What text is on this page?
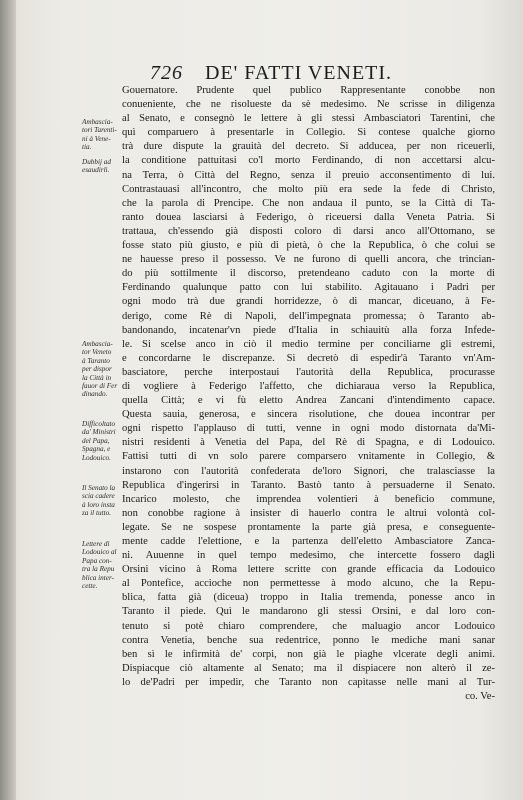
726 DE' FATTI VENETI.
Ambascia-
tori Tarenti-
ni à Vene-
tia.
Dubbij ad
esaudirli.
Ambascia-
tor Veneto
à Taranto
per dispor
la Città in
fauor di Fer
dinando.
Difficoltato
da' Ministri
del Papa,
Spagna, e
Lodouico.
Il Senato la
scia cadere
à loro insta
za il tutto.
Lettere di
Lodouico al
Papa con-
tra la Repu
blica inter-
cette.

Gouernatore. Prudente quel publico Rappresentante conobbe non

conueniente, che ne risolueste da sè medesimo. Ne scrisse in diligenza

al Senato, e consegnò le lettere à gli stessi Ambasciatori Tarentini, che

quì comparuero à presentarle in Collegio. Si contese qualche giorno

trà dure dispute la grauità del decreto. Si adducea, per non riceuerli,

la conditione pattuitasi co'l morto Ferdinando, di non accettarsi alcu-

na Terra, ò Città del Regno, senza il preuio acconsentimento di lui.

Contrastauasi all'incontro, che molto più era sede la fede di Christo,

che la parola di Prencipe. Che non andaua il punto, se la Città di Ta-

ranto douea lasciarsi à Federigo, ò riceuersi dalla Veneta Patria. Si

trattaua, ch'essendo già disposti coloro di darsi anco all'Ottomano, se

fosse stato più giusto, e più di pietà, ò che la Republica, ò che colui se

ne hauesse preso il possesso. Ve ne furono di quelli ancora, che trincian-

do più sottilmente il discorso, pretendeano caduto con la morte di

Ferdinando qualunque patto con lui stabilito. Agitauano i Padri per

ogni modo trà due grandi horridezze, ò di mancar, diceuano, à Fe-

derigo, come Rè di Napoli, dell'impegnata promessa; ò Taranto ab-

bandonando, incatenar'vn piede d'Italia in schiauitù alla forza Infede-

le. Si scelse anco in ciò il medio termine per conciliarne gli estremi,

e concordarne le discrepanze. Si decretò di espedir'à Taranto vn'Am-

basciatore, perche interpostaui l'autorità della Republica, procurasse

di vogliere à Federigo l'affetto, che dichiaraua verso la Republica,

quella Città; e vi fù eletto Andrea Zancani d'intendimento capace.

Questa sauia, generosa, e sincera risolutione, che douea incontrar per

ogni rispetto l'applauso di tutti, venne in ogni modo distornata da'Mi-

nistri residenti à Venetia del Papa, del Rè di Spagna, e di Lodouico.

Fattisi tutti di vn solo parere comparsero vnitamente in Collegio, &

instarono con l'autorità confederata de'loro Signori, che tralasciasse la

Republica d'ingerirsi in Taranto. Bastò tanto à persuaderne il Senato.

Incarico molesto, che imprendea volentieri à beneficio commune,

non conobbe ragione à insister di hauerlo contra le altrui volontà col-

legate. Se ne sospese prontamente la parte già presa, e conseguente-

mente cadde l'elettione, e la partenza dell'eletto Ambasciatore Zanca-

ni. Auuenne in quel tempo medesimo, che intercette fossero dagli

Orsini vicino à Roma lettere scritte con grande efficacia da Lodouico

al Pontefice, accioche non permettesse à modo alcuno, che la Repu-

blica, fatta già (diceua) troppo in Italia tremenda, ponesse anco in

Taranto il piede. Quì le mandarono gli stessi Orsini, e dal loro con-

tenuto si potè chiaro comprendere, che maluagio ancor Lodouico

contra Venetia, benche sua redentrice, ponno le mediche mani sanar

ben sì le infirmità de' corpi, non già le piaghe vlcerate degli animi.

Dispiacque ciò altamente al Senato; ma il dispiacere non alterò il ze-

lo de'Padri per impedir, che Taranto non capitasse nelle mani al Tur-

co. Ve-
